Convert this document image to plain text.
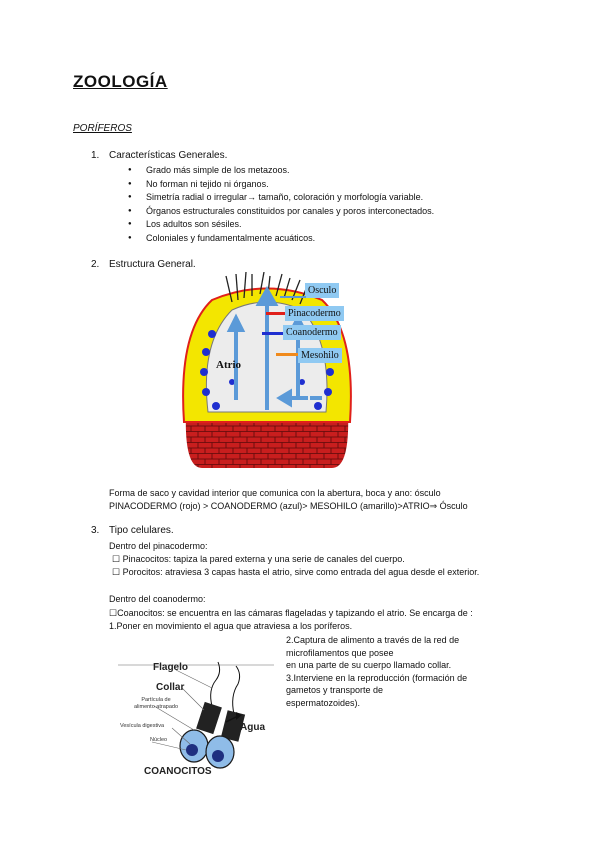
ZOOLOGÍA
PORÍFEROS
1. Características Generales.
● Grado más simple de los metazoos.
● No forman ni tejido ni órganos.
● Simetría radial o irregular→ tamaño, coloración y morfología variable.
● Órganos estructurales constituidos por canales y poros interconectados.
● Los adultos son sésiles.
● Coloniales y fundamentalmente acuáticos.
2. Estructura General.
Atrio
Osculo
Pinacodermo
Coanodermo
Mesohilo
Forma de saco y cavidad interior que comunica con la abertura, boca y ano: ósculo
PINACODERMO (rojo) > COANODERMO (azul)> MESOHILO (amarillo)>ATRIO⇒ Ósculo
3. Tipo celulares.
Dentro del pinacodermo:
☐ Pinacocitos: tapiza la pared externa y una serie de canales del cuerpo.
☐ Porocitos: atraviesa 3 capas hasta el atrio, sirve como entrada del agua desde el exterior.
Dentro del coanodermo:
☐Coanocitos: se encuentra en las cámaras flageladas y tapizando el atrio. Se encarga de :
1.Poner en movimiento el agua que atraviesa a los poríferos.
2.Captura de alimento a través de la red de
microfilamentos que posee
en una parte de su cuerpo llamado collar.
3.Interviene en la reproducción (formación de
gametos y transporte de
espermatozoides).
Flagelo
Collar
Partícula de alimento atrapado
Vesícula digestiva
Núcleo
Agua
COANOCITOS
